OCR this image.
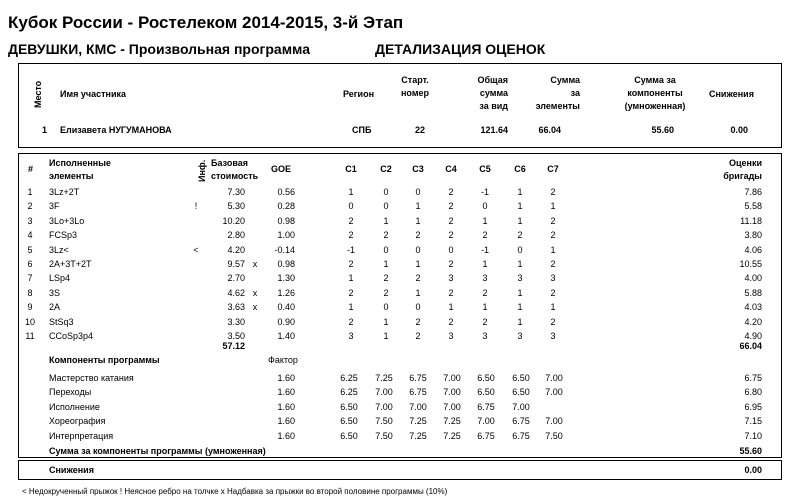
Кубок России - Ростелеком 2014-2015, 3-й Этап
ДЕВУШКИ, КМС - Произвольная программа	ДЕТАЛИЗАЦИЯ ОЦЕНОК
Место Имя участника	Регион
Старт.
номер
Общая
сумма
за вид
Сумма
за
элементы
Сумма за
компоненты
(умноженная)
Снижения
1 Елизавета НУГУМАНОВА	СПБ	22	121.64	66.04	55.60	0.00
#
Исполненные
элементы	Инф. Базовая
стоимость
GOE	C1	C2	C3	C4	C5	C6	C7
Оценки
бригады
1	3Lz+2T	7.30	0.56	1	0	0	2	-1	1	2	7.86
2	3F	!	5.30	0.28	0	0	1	2	0	1	1	5.58
3	3Lo+3Lo	10.20	0.98	2	1	1	2	1	1	2	11.18
4	FCSp3	2.80	1.00	2	2	2	2	2	2	2	3.80
5	3Lz<	<	4.20	-0.14	-1	0	0	0	-1	0	1	4.06
6	2A+3T+2T	9.57 x	0.98	2	1	1	2	1	1	2	10.55
7	LSp4	2.70	1.30	1	2	2	3	3	3	3	4.00
8	3S	4.62 x	1.26	2	2	1	2	2	1	2	5.88
9	2A	3.63 x	0.40	1	0	0	1	1	1	1	4.03
10	StSq3	3.30	0.90	2	1	2	2	2	1	2	4.20
11	CCoSp3p4	3.50	1.40	3	1	2	3	3	3	3	4.90
57.12	66.04
Компоненты программы	Фактор
Мастерство катания	1.60	6.25	7.25	6.75	7.00	6.50	6.50	7.00	6.75
Переходы	1.60	6.25	7.00	6.75	7.00	6.50	6.50	7.00	6.80
Исполнение	1.60	6.50	7.00	7.00	7.00	6.75	7.00	6.95
Хореография	1.60	6.50	7.50	7.25	7.25	7.00	6.75	7.00	7.15
Интерпретация	1.60	6.50	7.50	7.25	7.25	6.75	6.75	7.50	7.10
Сумма за компоненты программы (умноженная)	55.60
Снижения	0.00
< Недокрученный прыжок ! Неясное ребро на толчке x Надбавка за прыжки во второй половине программы (10%)
